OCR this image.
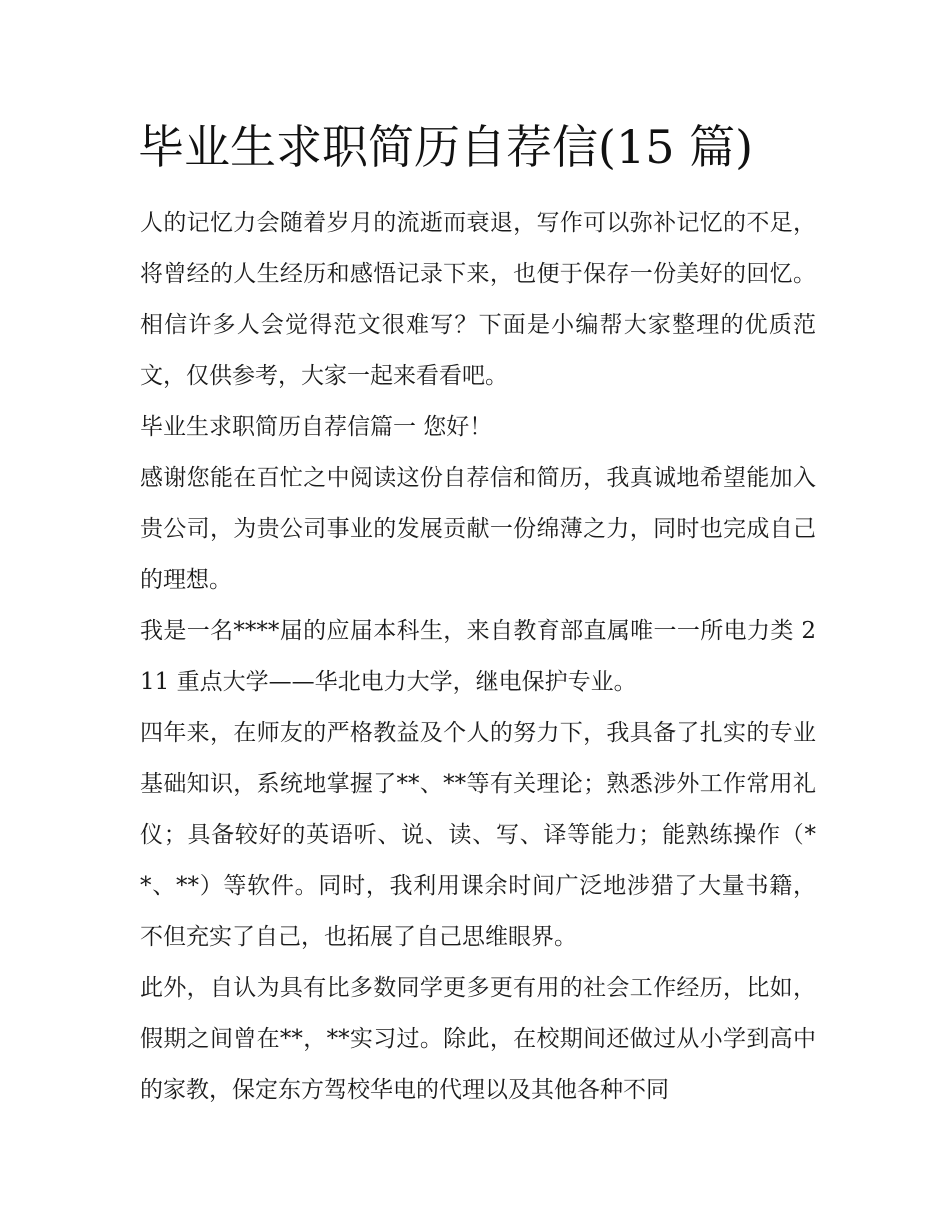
毕业生求职简历自荐信(15 篇)

人的记忆力会随着岁月的流逝而衰退，写作可以弥补记忆的不足，将曾经的人生经历和感悟记录下来，也便于保存一份美好的回忆。相信许多人会觉得范文很难写？下面是小编帮大家整理的优质范文，仅供参考，大家一起来看看吧。

毕业生求职简历自荐信篇一 您好！

感谢您能在百忙之中阅读这份自荐信和简历，我真诚地希望能加入贵公司，为贵公司事业的发展贡献一份绵薄之力，同时也完成自己的理想。

我是一名****届的应届本科生，来自教育部直属唯一一所电力类 211 重点大学——华北电力大学，继电保护专业。

四年来，在师友的严格教益及个人的努力下，我具备了扎实的专业基础知识，系统地掌握了**、**等有关理论；熟悉涉外工作常用礼仪；具备较好的英语听、说、读、写、译等能力；能熟练操作（**、**）等软件。同时，我利用课余时间广泛地涉猎了大量书籍，不但充实了自己，也拓展了自己思维眼界。

此外，自认为具有比多数同学更多更有用的社会工作经历，比如，假期之间曾在**，**实习过。除此，在校期间还做过从小学到高中的家教，保定东方驾校华电的代理以及其他各种不同
